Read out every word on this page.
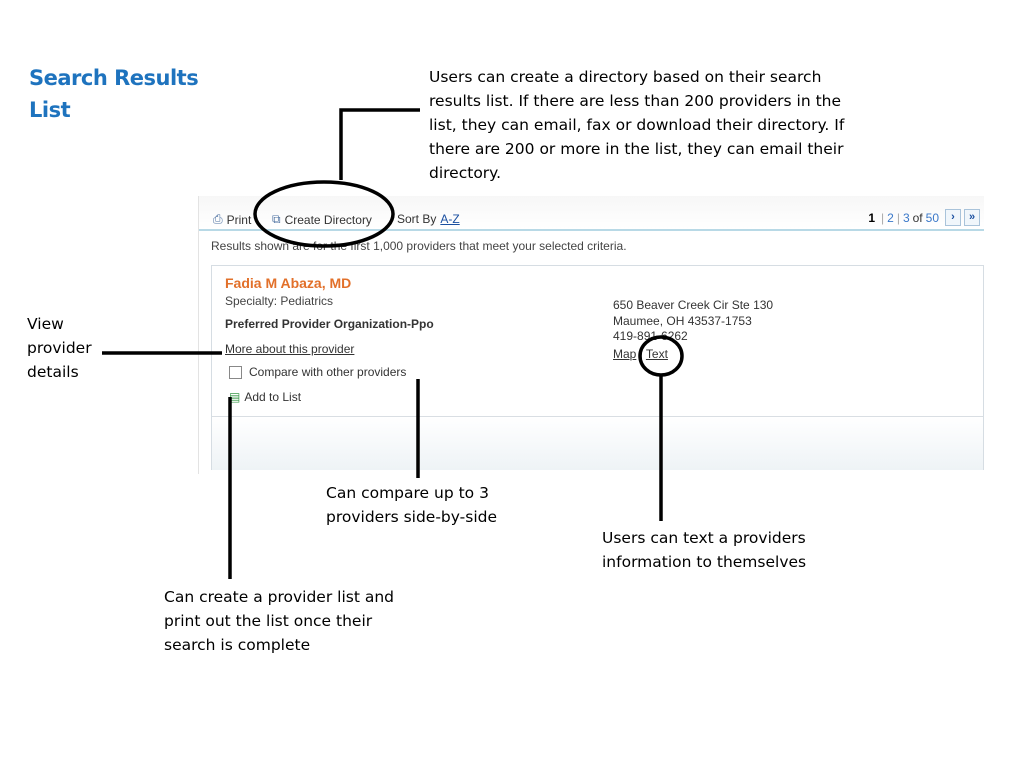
Search Results List
Users can create a directory based on their search results list. If there are less than 200 providers in the list, they can email, fax or download their directory. If there are 200 or more in the list, they can email their directory.
View provider details
Can compare up to 3 providers side-by-side
Users can text a providers information to themselves
Can create a provider list and print out the list once their search is complete
⎙ Print ⧉ Create Directory Sort By A-Z	1 | 2 | 3 of 50	›	»
Results shown are for the first 1,000 providers that meet your selected criteria.
Fadia M Abaza, MD
Specialty: Pediatrics
Preferred Provider Organization-Ppo
More about this provider
Compare with other providers
▤ Add to List
650 Beaver Creek Cir Ste 130
Maumee, OH 43537-1753
419-891-6262
Map | Text
